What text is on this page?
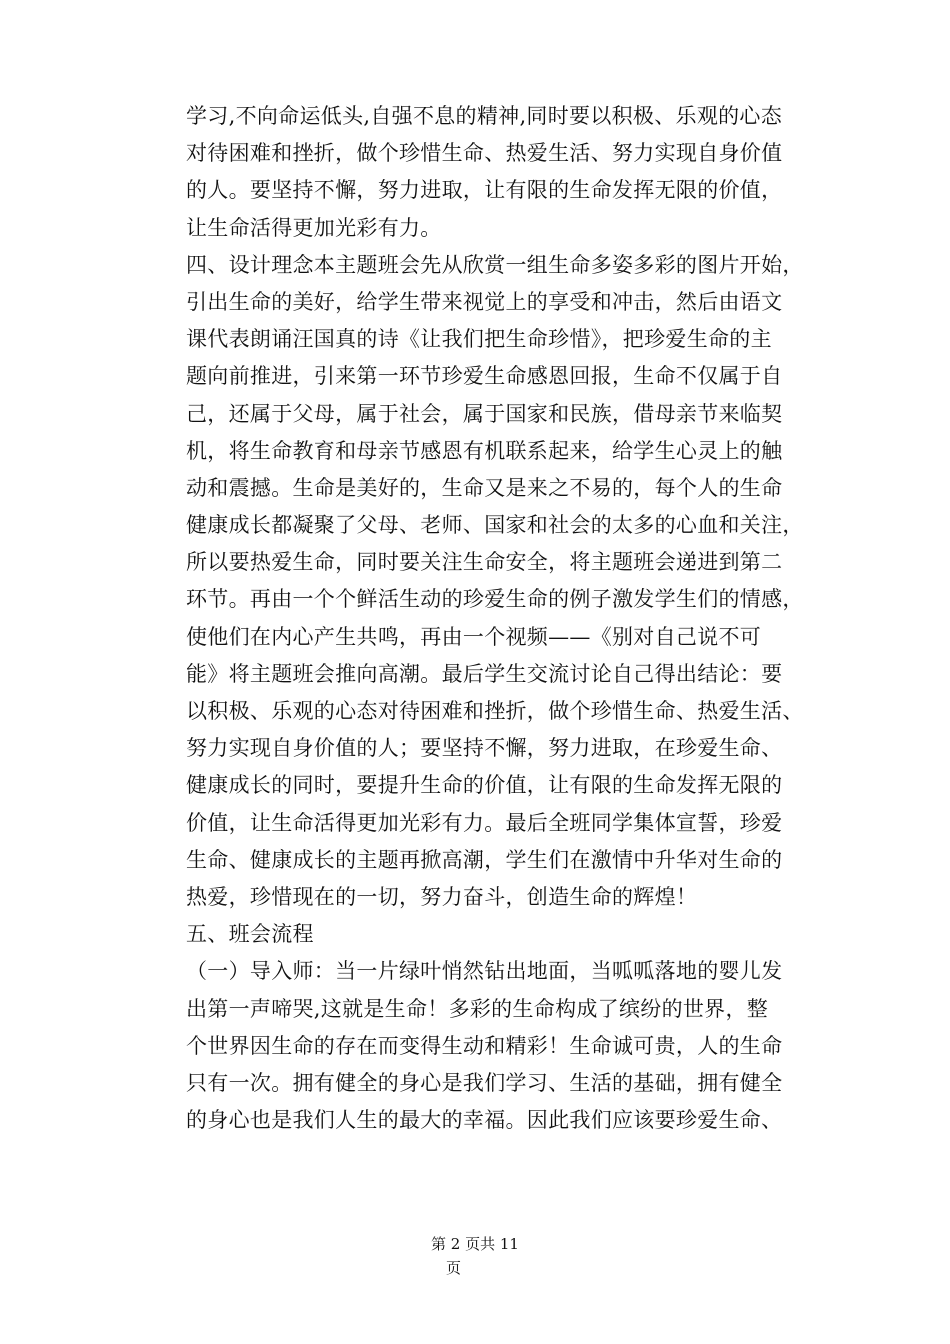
学习,不向命运低头,自强不息的精神,同时要以积极、乐观的心态
对待困难和挫折，做个珍惜生命、热爱生活、努力实现自身价值
的人。要坚持不懈，努力进取，让有限的生命发挥无限的价值，
让生命活得更加光彩有力。
四、设计理念本主题班会先从欣赏一组生命多姿多彩的图片开始，
引出生命的美好，给学生带来视觉上的享受和冲击，然后由语文
课代表朗诵汪国真的诗《让我们把生命珍惜》，把珍爱生命的主
题向前推进，引来第一环节珍爱生命感恩回报，生命不仅属于自
己，还属于父母，属于社会，属于国家和民族，借母亲节来临契
机，将生命教育和母亲节感恩有机联系起来，给学生心灵上的触
动和震撼。生命是美好的，生命又是来之不易的，每个人的生命
健康成长都凝聚了父母、老师、国家和社会的太多的心血和关注，
所以要热爱生命，同时要关注生命安全，将主题班会递进到第二
环节。再由一个个鲜活生动的珍爱生命的例子激发学生们的情感，
使他们在内心产生共鸣，再由一个视频——《别对自己说不可
能》将主题班会推向高潮。最后学生交流讨论自己得出结论：要
以积极、乐观的心态对待困难和挫折，做个珍惜生命、热爱生活、
努力实现自身价值的人；要坚持不懈，努力进取，在珍爱生命、
健康成长的同时，要提升生命的价值，让有限的生命发挥无限的
价值，让生命活得更加光彩有力。最后全班同学集体宣誓，珍爱
生命、健康成长的主题再掀高潮，学生们在激情中升华对生命的
热爱，珍惜现在的一切，努力奋斗，创造生命的辉煌！
五、班会流程
（一）导入师：当一片绿叶悄然钻出地面，当呱呱落地的婴儿发
出第一声啼哭,这就是生命！多彩的生命构成了缤纷的世界，整
个世界因生命的存在而变得生动和精彩！生命诚可贵，人的生命
只有一次。拥有健全的身心是我们学习、生活的基础，拥有健全
的身心也是我们人生的最大的幸福。因此我们应该要珍爱生命、
第 2 页共 11
页
